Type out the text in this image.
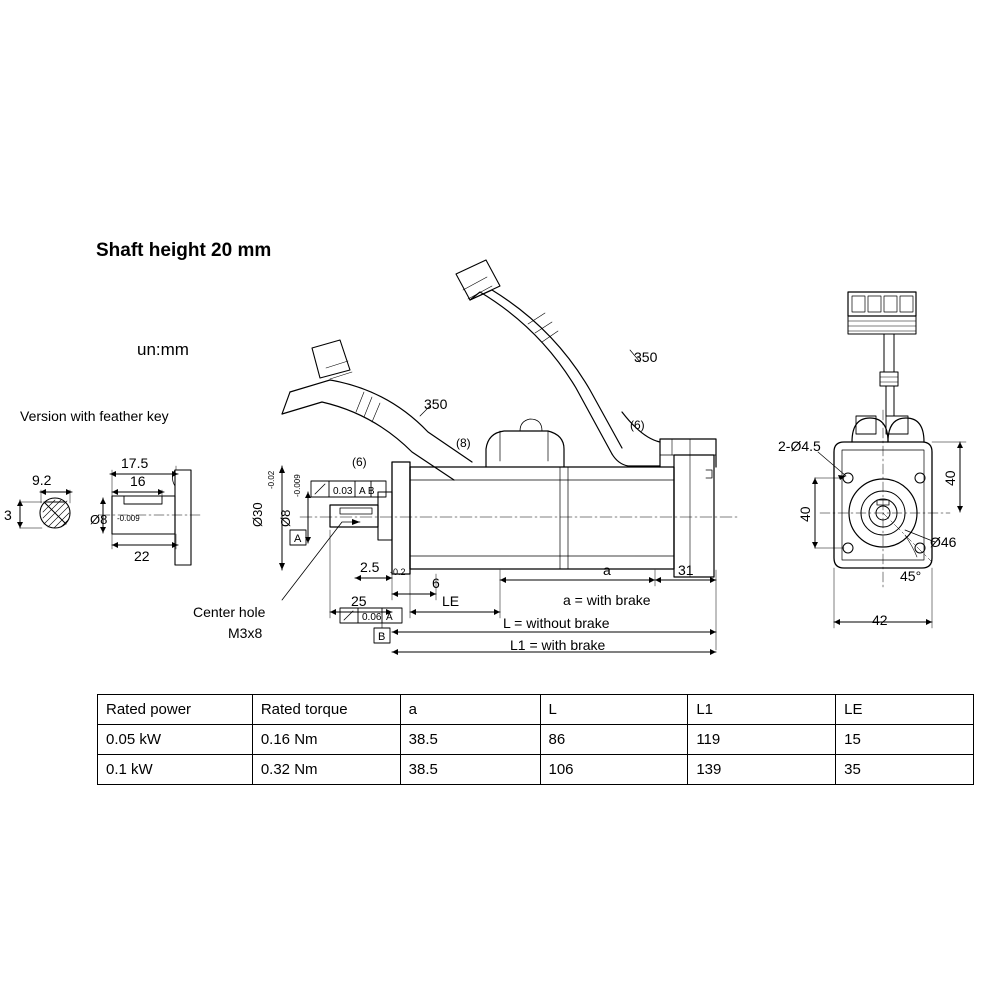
Shaft height 20 mm
un:mm
Version with feather key
Center hole
M3x8
9.2
3
17.5
16
22
Ø8 -0.009
350
350
(6)
(8)
(6)
Ø30
-0.02
Ø8
-0.009	0.03 A B
A
0.06 A
B
2.5 -0.2
6
25	LE
a	31
a = with brake
L = without brake
L1 = with brake
2-Ø4.5
40
40
42
Ø46
45°
Rated power	Rated torque	a	L	L1	LE
0.05 kW	0.16 Nm	38.5	86	119	15
0.1 kW	0.32 Nm	38.5	106	139	35
